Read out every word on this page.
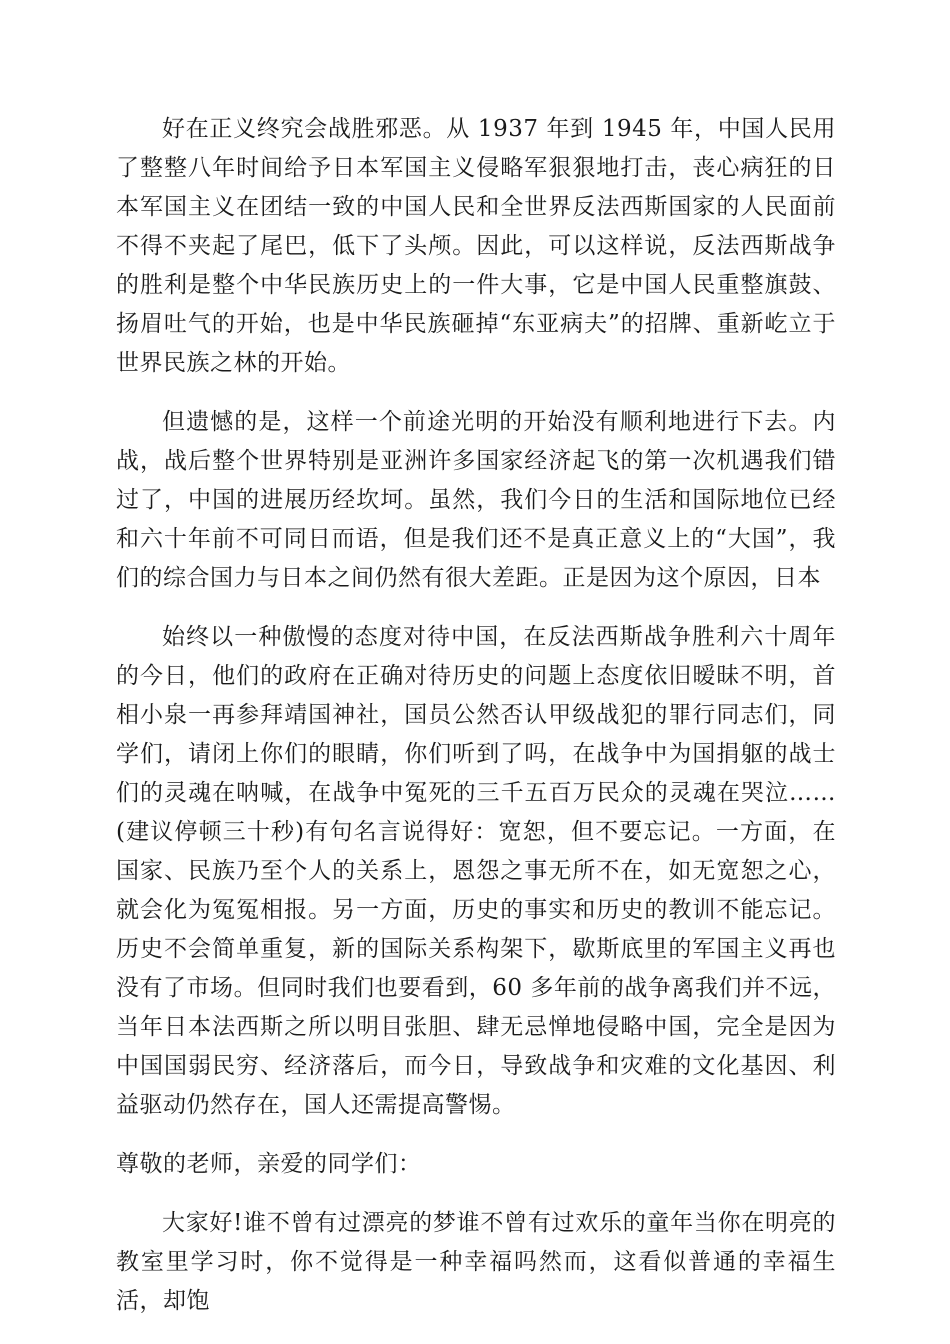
好在正义终究会战胜邪恶。从 1937 年到 1945 年，中国人民用了整整八年时间给予日本军国主义侵略军狠狠地打击，丧心病狂的日本军国主义在团结一致的中国人民和全世界反法西斯国家的人民面前不得不夹起了尾巴，低下了头颅。因此，可以这样说，反法西斯战争的胜利是整个中华民族历史上的一件大事，它是中国人民重整旗鼓、扬眉吐气的开始，也是中华民族砸掉“东亚病夫”的招牌、重新屹立于世界民族之林的开始。

但遗憾的是，这样一个前途光明的开始没有顺利地进行下去。内战，战后整个世界特别是亚洲许多国家经济起飞的第一次机遇我们错过了，中国的进展历经坎坷。虽然，我们今日的生活和国际地位已经和六十年前不可同日而语，但是我们还不是真正意义上的“大国”，我们的综合国力与日本之间仍然有很大差距。正是因为这个原因，日本

始终以一种傲慢的态度对待中国，在反法西斯战争胜利六十周年的今日，他们的政府在正确对待历史的问题上态度依旧暧昧不明，首相小泉一再参拜靖国神社，国员公然否认甲级战犯的罪行同志们，同学们，请闭上你们的眼睛，你们听到了吗，在战争中为国捐躯的战士们的灵魂在呐喊，在战争中冤死的三千五百万民众的灵魂在哭泣……(建议停顿三十秒)有句名言说得好：宽恕，但不要忘记。一方面，在国家、民族乃至个人的关系上，恩怨之事无所不在，如无宽恕之心，就会化为冤冤相报。另一方面，历史的事实和历史的教训不能忘记。历史不会简单重复，新的国际关系构架下，歇斯底里的军国主义再也没有了市场。但同时我们也要看到，60 多年前的战争离我们并不远，当年日本法西斯之所以明目张胆、肆无忌惮地侵略中国，完全是因为中国国弱民穷、经济落后，而今日，导致战争和灾难的文化基因、利益驱动仍然存在，国人还需提高警惕。

尊敬的老师，亲爱的同学们：

大家好!谁不曾有过漂亮的梦谁不曾有过欢乐的童年当你在明亮的教室里学习时，你不觉得是一种幸福吗然而，这看似普通的幸福生活，却饱
